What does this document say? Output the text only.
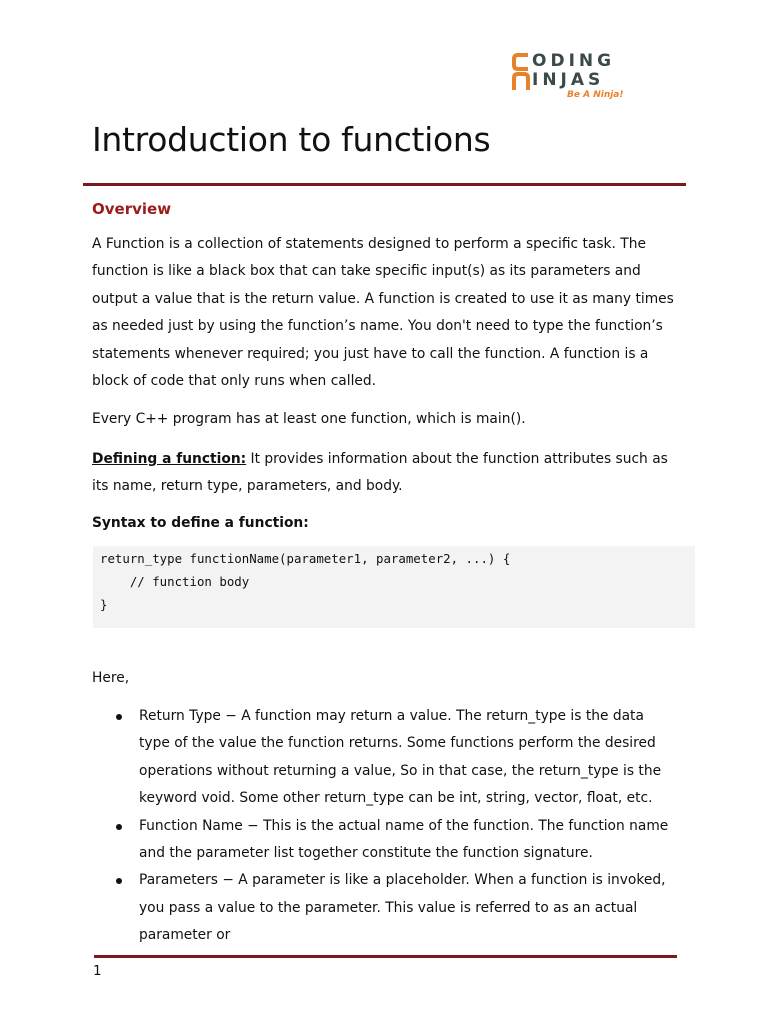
ODING
INJAS
Be A Ninja!
Introduction to functions
Overview

A Function is a collection of statements designed to perform a specific task. The function is like a black box that can take specific input(s) as its parameters and output a value that is the return value. A function is created to use it as many times as needed just by using the function’s name. You don't need to type the function’s statements whenever required; you just have to call the function. A function is a block of code that only runs when called.

Every C++ program has at least one function, which is main().

Defining a function: It provides information about the function attributes such as its name, return type, parameters, and body.

Syntax to define a function:

return_type functionName(parameter1, parameter2, ...) {
// function body
}

Here,

Return Type − A function may return a value. The return_type is the data type of the value the function returns. Some functions perform the desired operations without returning a value, So in that case, the return_type is the keyword void. Some other return_type can be int, string, vector, float, etc.
Function Name − This is the actual name of the function. The function name and the parameter list together constitute the function signature.
Parameters − A parameter is like a placeholder. When a function is invoked, you pass a value to the parameter. This value is referred to as an actual parameter or

1
